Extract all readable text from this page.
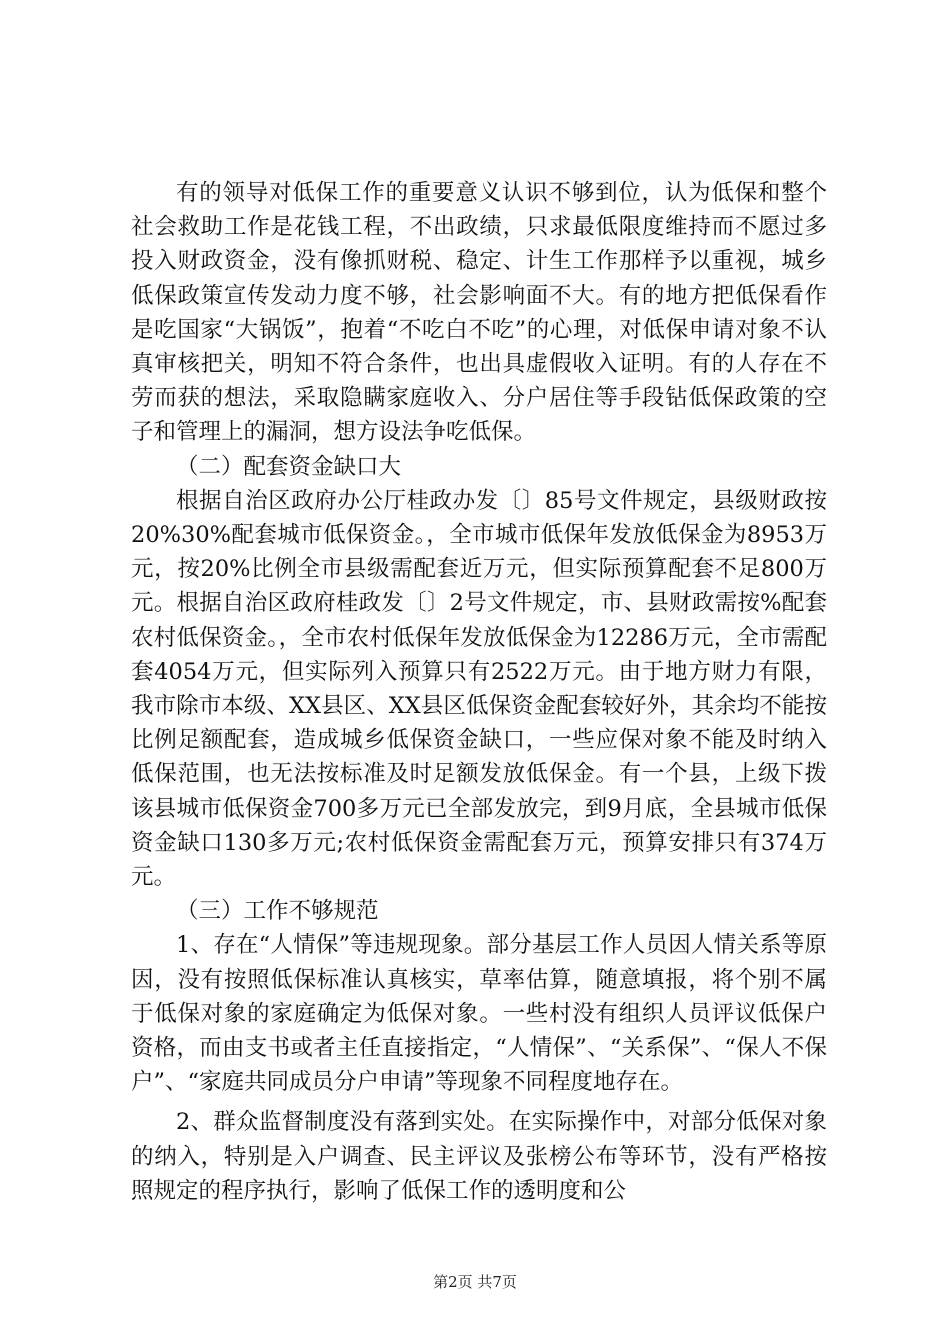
有的领导对低保工作的重要意义认识不够到位，认为低保和整个社会救助工作是花钱工程，不出政绩，只求最低限度维持而不愿过多投入财政资金，没有像抓财税、稳定、计生工作那样予以重视，城乡低保政策宣传发动力度不够，社会影响面不大。有的地方把低保看作是吃国家“大锅饭”，抱着“不吃白不吃”的心理，对低保申请对象不认真审核把关，明知不符合条件，也出具虚假收入证明。有的人存在不劳而获的想法，采取隐瞒家庭收入、分户居住等手段钻低保政策的空子和管理上的漏洞，想方设法争吃低保。

（二）配套资金缺口大

根据自治区政府办公厅桂政办发〔〕85号文件规定，县级财政按20%30%配套城市低保资金。，全市城市低保年发放低保金为8953万元，按20%比例全市县级需配套近万元，但实际预算配套不足800万元。根据自治区政府桂政发〔〕2号文件规定，市、县财政需按%配套农村低保资金。，全市农村低保年发放低保金为12286万元，全市需配套4054万元，但实际列入预算只有2522万元。由于地方财力有限，我市除市本级、XX县区、XX县区低保资金配套较好外，其余均不能按比例足额配套，造成城乡低保资金缺口，一些应保对象不能及时纳入低保范围，也无法按标准及时足额发放低保金。有一个县，上级下拨该县城市低保资金700多万元已全部发放完，到9月底，全县城市低保资金缺口130多万元;农村低保资金需配套万元，预算安排只有374万元。

（三）工作不够规范

1、存在“人情保”等违规现象。部分基层工作人员因人情关系等原因，没有按照低保标准认真核实，草率估算，随意填报，将个别不属于低保对象的家庭确定为低保对象。一些村没有组织人员评议低保户资格，而由支书或者主任直接指定，“人情保”、“关系保”、“保人不保户”、“家庭共同成员分户申请”等现象不同程度地存在。

2、群众监督制度没有落到实处。在实际操作中，对部分低保对象的纳入，特别是入户调查、民主评议及张榜公布等环节，没有严格按照规定的程序执行，影响了低保工作的透明度和公

第2页 共7页
